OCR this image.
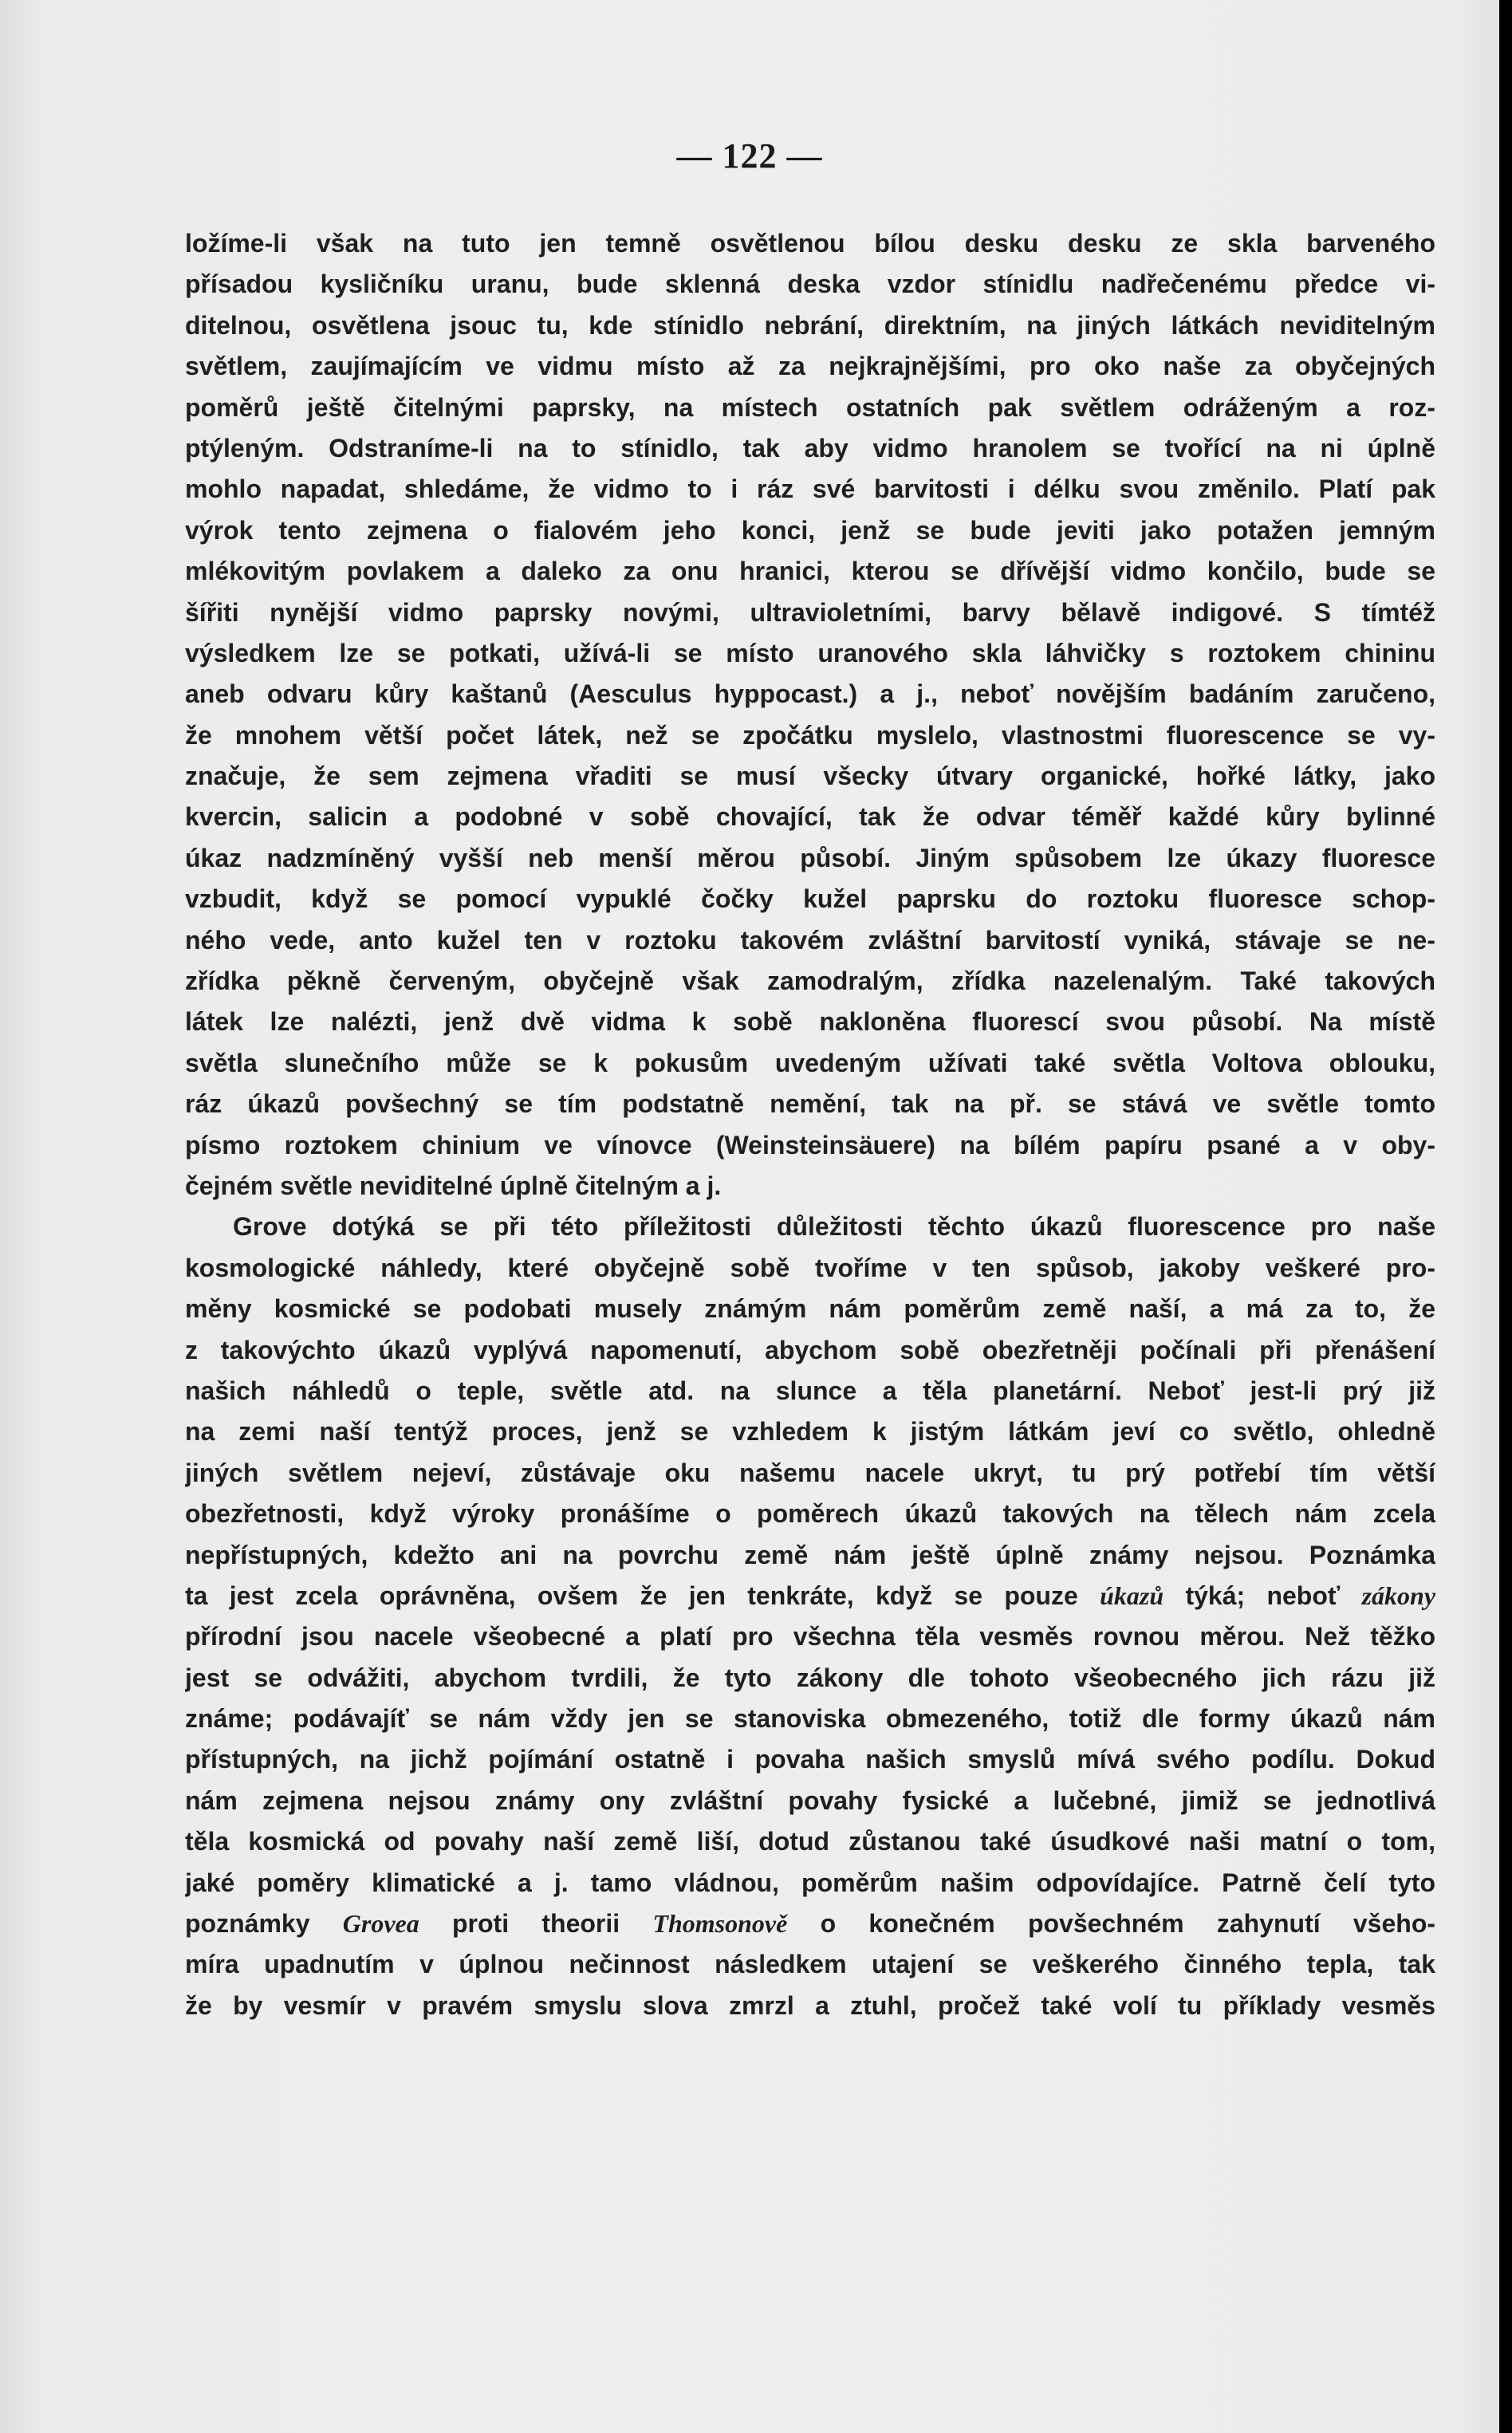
— 122 —
ložíme-li však na tuto jen temně osvětlenou bílou desku desku ze skla barveného
přísadou kysličníku uranu, bude sklenná deska vzdor stínidlu nadřečenému předce vi-
ditelnou, osvětlena jsouc tu, kde stínidlo nebrání, direktním, na jiných látkách neviditelným
světlem, zaujímajícím ve vidmu místo až za nejkrajnějšími, pro oko naše za obyčejných
poměrů ještě čitelnými paprsky, na místech ostatních pak světlem odráženým a roz-
ptýleným. Odstraníme-li na to stínidlo, tak aby vidmo hranolem se tvořící na ni úplně
mohlo napadat, shledáme, že vidmo to i ráz své barvitosti i délku svou změnilo. Platí pak
výrok tento zejmena o fialovém jeho konci, jenž se bude jeviti jako potažen jemným
mlékovitým povlakem a daleko za onu hranici, kterou se dřívější vidmo končilo, bude se
šířiti nynější vidmo paprsky novými, ultravioletními, barvy bělavě indigové. S tímtéž
výsledkem lze se potkati, užívá-li se místo uranového skla láhvičky s roztokem chininu
aneb odvaru kůry kaštanů (Aesculus hyppocast.) a j., neboť novějším badáním zaručeno,
že mnohem větší počet látek, než se zpočátku myslelo, vlastnostmi fluorescence se vy-
značuje, že sem zejmena vřaditi se musí všecky útvary organické, hořké látky, jako
kvercin, salicin a podobné v sobě chovající, tak že odvar téměř každé kůry bylinné
úkaz nadzmíněný vyšší neb menší měrou působí. Jiným spůsobem lze úkazy fluoresce
vzbudit, když se pomocí vypuklé čočky kužel paprsku do roztoku fluoresce schop-
ného vede, anto kužel ten v roztoku takovém zvláštní barvitostí vyniká, stávaje se ne-
zřídka pěkně červeným, obyčejně však zamodralým, zřídka nazelenalým. Také takových
látek lze nalézti, jenž dvě vidma k sobě nakloněna fluorescí svou působí. Na místě
světla slunečního může se k pokusům uvedeným užívati také světla Voltova oblouku,
ráz úkazů povšechný se tím podstatně nemění, tak na př. se stává ve světle tomto
písmo roztokem chinium ve vínovce (Weinsteinsäuere) na bílém papíru psané a v oby-
čejném světle neviditelné úplně čitelným a j.
Grove dotýká se při této příležitosti důležitosti těchto úkazů fluorescence pro naše
kosmologické náhledy, které obyčejně sobě tvoříme v ten spůsob, jakoby veškeré pro-
měny kosmické se podobati musely známým nám poměrům země naší, a má za to, že
z takovýchto úkazů vyplývá napomenutí, abychom sobě obezřetněji počínali při přenášení
našich náhledů o teple, světle atd. na slunce a těla planetární. Neboť jest-li prý již
na zemi naší tentýž proces, jenž se vzhledem k jistým látkám jeví co světlo, ohledně
jiných světlem nejeví, zůstávaje oku našemu nacele ukryt, tu prý potřebí tím větší
obezřetnosti, když výroky pronášíme o poměrech úkazů takových na tělech nám zcela
nepřístupných, kdežto ani na povrchu země nám ještě úplně známy nejsou. Poznámka
ta jest zcela oprávněna, ovšem že jen tenkráte, když se pouze úkazů týká; neboť zákony
přírodní jsou nacele všeobecné a platí pro všechna těla vesměs rovnou měrou. Než těžko
jest se odvážiti, abychom tvrdili, že tyto zákony dle tohoto všeobecného jich rázu již
známe; podávajíť se nám vždy jen se stanoviska obmezeného, totiž dle formy úkazů nám
přístupných, na jichž pojímání ostatně i povaha našich smyslů mívá svého podílu. Dokud
nám zejmena nejsou známy ony zvláštní povahy fysické a lučebné, jimiž se jednotlivá
těla kosmická od povahy naší země liší, dotud zůstanou také úsudkové naši matní o tom,
jaké poměry klimatické a j. tamo vládnou, poměrům našim odpovídajíce. Patrně čelí tyto
poznámky Grovea proti theorii Thomsonově o konečném povšechném zahynutí všeho-
míra upadnutím v úplnou nečinnost následkem utajení se veškerého činného tepla, tak
že by vesmír v pravém smyslu slova zmrzl a ztuhl, pročež také volí tu příklady vesměs
